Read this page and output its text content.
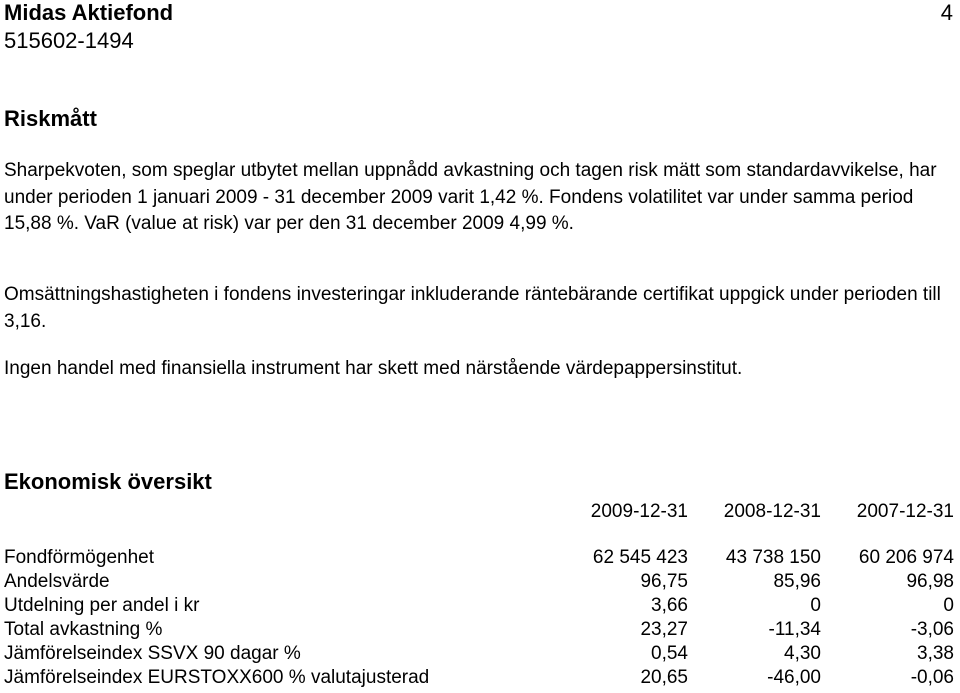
Midas Aktiefond
515602-1494
4
Riskmått
Sharpekvoten, som speglar utbytet mellan uppnådd avkastning och tagen risk mätt som standardavvikelse, har under perioden 1 januari 2009 - 31 december 2009 varit 1,42 %. Fondens volatilitet var under samma period 15,88 %. VaR (value at risk) var per den 31 december 2009 4,99 %.
Omsättningshastigheten i fondens investeringar inkluderande räntebärande certifikat uppgick under perioden till 3,16.
Ingen handel med finansiella instrument har skett med närstående värdepappersinstitut.
Ekonomisk översikt
2009-12-31	2008-12-31	2007-12-31
Fondförmögenhet	62 545 423	43 738 150	60 206 974
Andelsvärde	96,75	85,96	96,98
Utdelning per andel i kr	3,66	0	0
Total avkastning %	23,27	-11,34	-3,06
Jämförelseindex SSVX 90 dagar %	0,54	4,30	3,38
Jämförelseindex EURSTOXX600 % valutajusterad	20,65	-46,00	-0,06
